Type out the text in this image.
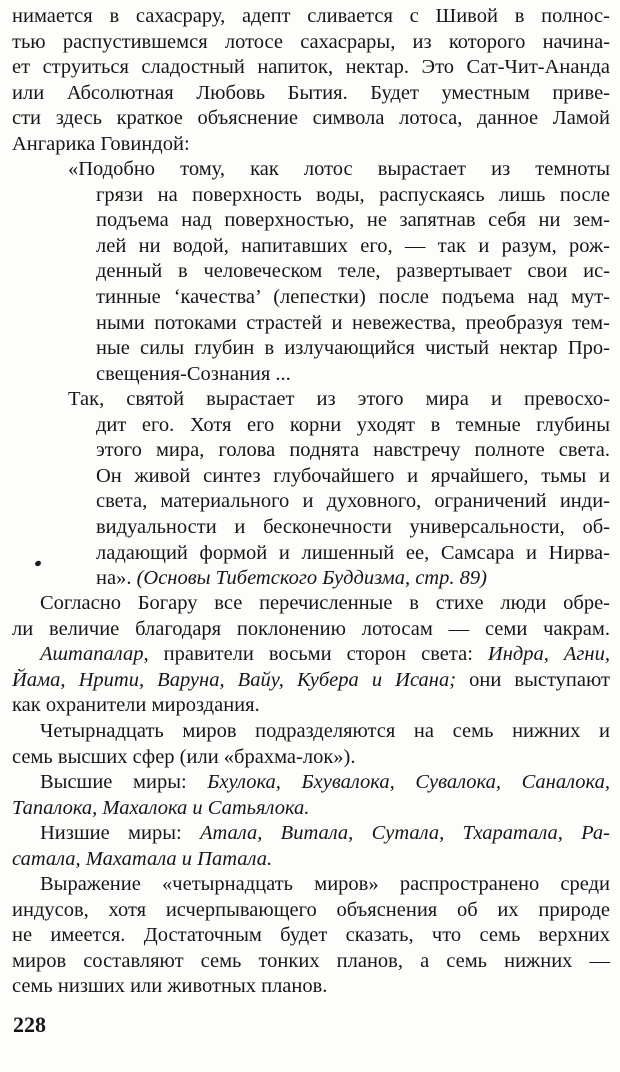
нимается в сахасрару, адепт сливается с Шивой в полнос-
тью распустившемся лотосе сахасрары, из которого начина-
ет струиться сладостный напиток, нектар. Это Сат-Чит-Ананда
или Абсолютная Любовь Бытия. Будет уместным приве-
сти здесь краткое объяснение символа лотоса, данное Ламой
Ангарика Говиндой:
«Подобно тому, как лотос вырастает из темноты
грязи на поверхность воды, распускаясь лишь после
подъема над поверхностью, не запятнав себя ни зем-
лей ни водой, напитавших его, — так и разум, рож-
денный в человеческом теле, развертывает свои ис-
тинные ‘качества’ (лепестки) после подъема над мут-
ными потоками страстей и невежества, преобразуя тем-
ные силы глубин в излучающийся чистый нектар Про-
свещения-Сознания ...
Так, святой вырастает из этого мира и превосхо-
дит его. Хотя его корни уходят в темные глубины
этого мира, голова поднята навстречу полноте света.
Он живой синтез глубочайшего и ярчайшего, тьмы и
света, материального и духовного, ограничений инди-
видуальности и бесконечности универсальности, об-
ладающий формой и лишенный ее, Самсара и Нирва-
на». (Основы Тибетского Буддизма, стр. 89)
Согласно Богару все перечисленные в стихе люди обре-
ли величие благодаря поклонению лотосам — семи чакрам.
Аштапалар, правители восьми сторон света: Индра, Агни,
Йама, Нрити, Варуна, Вайу, Кубера и Исана; они выступают
как охранители мироздания.
Четырнадцать миров подразделяются на семь нижних и
семь высших сфер (или «брахма-лок»).
Высшие миры: Бхулока, Бхувалока, Сувалока, Саналока,
Тапалока, Махалока и Сатьялока.
Низшие миры: Атала, Витала, Сутала, Тхаратала, Ра-
сатала, Махатала и Патала.
Выражение «четырнадцать миров» распространено среди
индусов, хотя исчерпывающего объяснения об их природе
не имеется. Достаточным будет сказать, что семь верхних
миров составляют семь тонких планов, а семь нижних —
семь низших или животных планов.
228
